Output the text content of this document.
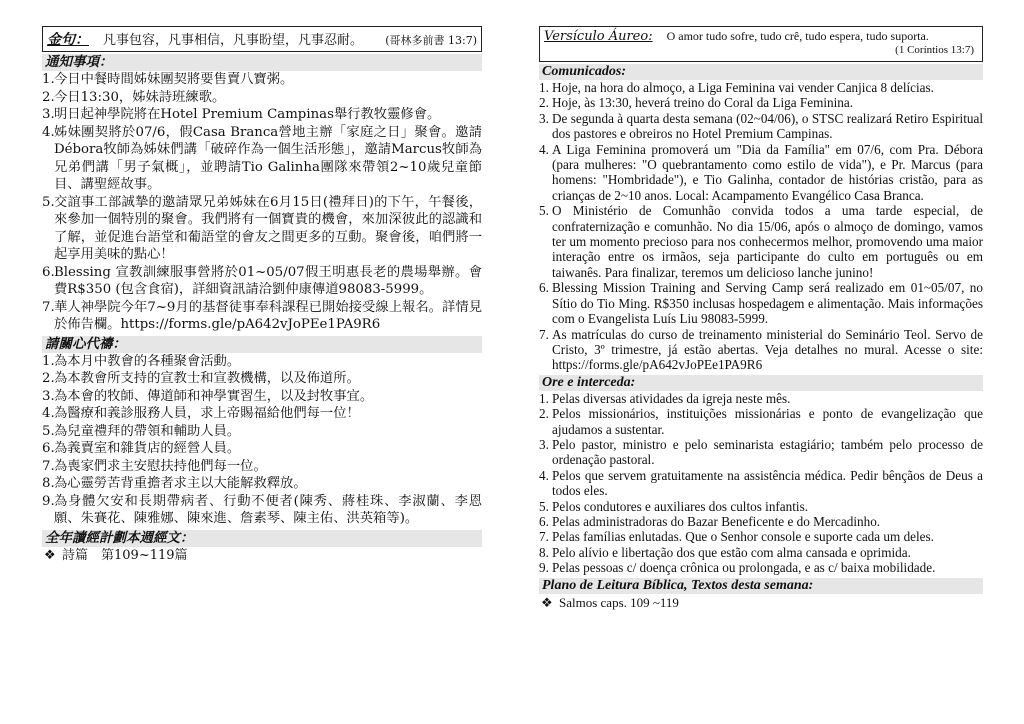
金句： 凡事包容，凡事相信，凡事盼望，凡事忍耐。 (哥林多前書 13:7)
通知事項：
1. 今日中餐時間姊妹團契將要售賣八寶粥。
2. 今日13:30，姊妹詩班練歌。
3. 明日起神學院將在Hotel Premium Campinas舉行教牧靈修會。
4. 姊妹團契將於07/6，假Casa Branca營地主辦「家庭之日」聚會。邀請Débora牧師為姊妹們講「破碎作為一個生活形態」，邀請Marcus牧師為兄弟們講「男子氣概」，並聘請Tio Galinha團隊來帶領2~10歲兒童節目、講聖經故事。
5. 交誼事工部誠摯的邀請眾兄弟姊妹在6月15日(禮拜日)的下午，午餐後，來參加一個特別的聚會。我們將有一個寶貴的機會，來加深彼此的認識和了解，並促進台語堂和葡語堂的會友之間更多的互動。聚會後，咱們將一起享用美味的點心！
6. Blessing 宣教訓練服事營將於01~05/07假王明惠長老的農場舉辦。會費R$350 (包含食宿)，詳細資訊請洽劉仲康傳道98083-5999。
7. 華人神學院今年7~9月的基督徒事奉科課程已開始接受線上報名。詳情見於佈告欄。https://forms.gle/pA642vJoPEe1PA9R6
請關心代禱：
1. 為本月中教會的各種聚會活動。
2. 為本教會所支持的宣教士和宣教機構，以及佈道所。
3. 為本會的牧師、傳道師和神學實習生，以及封牧事宜。
4. 為醫療和義診服務人員，求上帝賜福給他們每一位！
5. 為兒童禮拜的帶領和輔助人員。
6. 為義賣室和雜貨店的經營人員。
7. 為喪家們求主安慰扶持他們每一位。
8. 為心靈勞苦背重擔者求主以大能解救釋放。
9. 為身體欠安和長期帶病者、行動不便者(陳秀、蔣桂珠、李淑蘭、李恩願、朱賽花、陳雅娜、陳來進、詹素琴、陳主佑、洪英箱等)。
全年讀經計劃本週經文：
❖ 詩篇　第109~119篇
Versículo Áureo: O amor tudo sofre, tudo crê, tudo espera, tudo suporta.
(1 Coríntios 13:7)
Comunicados:
1. Hoje, na hora do almoço, a Liga Feminina vai vender Canjica 8 delícias.
2. Hoje, às 13:30, heverá treino do Coral da Liga Feminina.
3. De segunda à quarta desta semana (02~04/06), o STSC realizará Retiro Espiritual dos pastores e obreiros no Hotel Premium Campinas.
4. A Liga Feminina promoverá um "Dia da Família" em 07/6, com Pra. Débora (para mulheres: "O quebrantamento como estilo de vida"), e Pr. Marcus (para homens: "Hombridade"), e Tio Galinha, contador de histórias cristão, para as crianças de 2~10 anos. Local: Acampamento Evangélico Casa Branca.
5. O Ministério de Comunhão convida todos a uma tarde especial, de confraternização e comunhão. No dia 15/06, após o almoço de domingo, vamos ter um momento precioso para nos conhecermos melhor, promovendo uma maior interação entre os irmãos, seja participante do culto em português ou em taiwanês. Para finalizar, teremos um delicioso lanche junino!
6. Blessing Mission Training and Serving Camp será realizado em 01~05/07, no Sítio do Tio Ming. R$350 inclusas hospedagem e alimentação. Mais informações com o Evangelista Luís Liu 98083-5999.
7. As matrículas do curso de treinamento ministerial do Seminário Teol. Servo de Cristo, 3º trimestre, já estão abertas. Veja detalhes no mural. Acesse o site: https://forms.gle/pA642vJoPEe1PA9R6
Ore e interceda:
1. Pelas diversas atividades da igreja neste mês.
2. Pelos missionários, instituições missionárias e ponto de evangelização que ajudamos a sustentar.
3. Pelo pastor, ministro e pelo seminarista estagiário; também pelo processo de ordenação pastoral.
4. Pelos que servem gratuitamente na assistência médica. Pedir bênçãos de Deus a todos eles.
5. Pelos condutores e auxiliares dos cultos infantis.
6. Pelas administradoras do Bazar Beneficente e do Mercadinho.
7. Pelas famílias enlutadas. Que o Senhor console e suporte cada um deles.
8. Pelo alívio e libertação dos que estão com alma cansada e oprimida.
9. Pelas pessoas c/ doença crônica ou prolongada, e as c/ baixa mobilidade.
Plano de Leitura Bíblica, Textos desta semana:
❖ Salmos caps. 109 ~119
